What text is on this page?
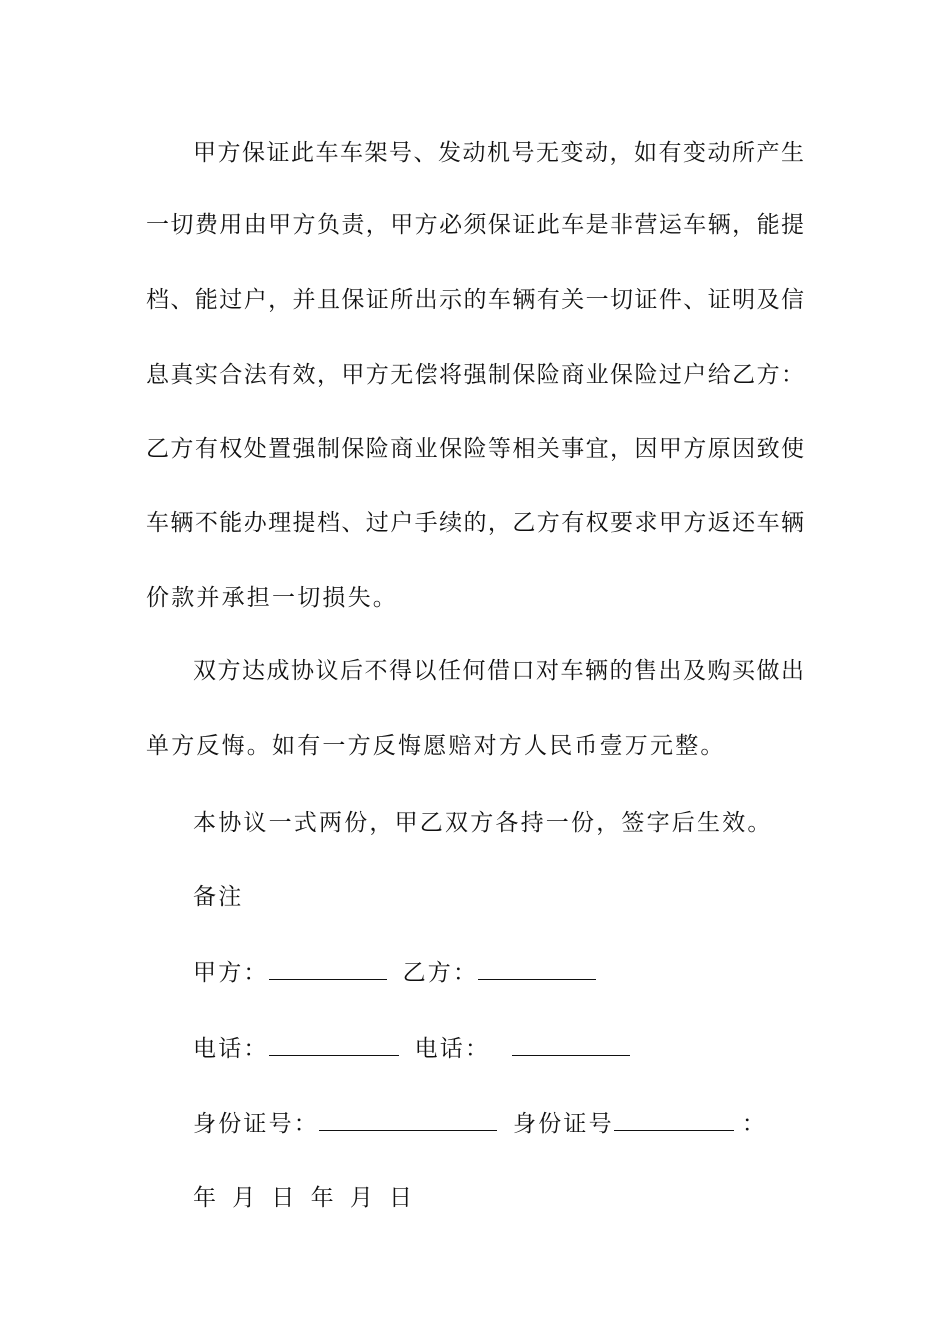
甲方保证此车车架号、发动机号无变动，如有变动所产生
一切费用由甲方负责，甲方必须保证此车是非营运车辆，能提
档、能过户，并且保证所出示的车辆有关一切证件、证明及信
息真实合法有效，甲方无偿将强制保险商业保险过户给乙方：
乙方有权处置强制保险商业保险等相关事宜，因甲方原因致使
车辆不能办理提档、过户手续的，乙方有权要求甲方返还车辆
价款并承担一切损失。
双方达成协议后不得以任何借口对车辆的售出及购买做出
单方反悔。如有一方反悔愿赔对方人民币壹万元整。
本协议一式两份，甲乙双方各持一份，签字后生效。
备注
甲方：	乙方：
电话：	电话：
身份证号：	身份证号	：
年 月 日 年 月 日
